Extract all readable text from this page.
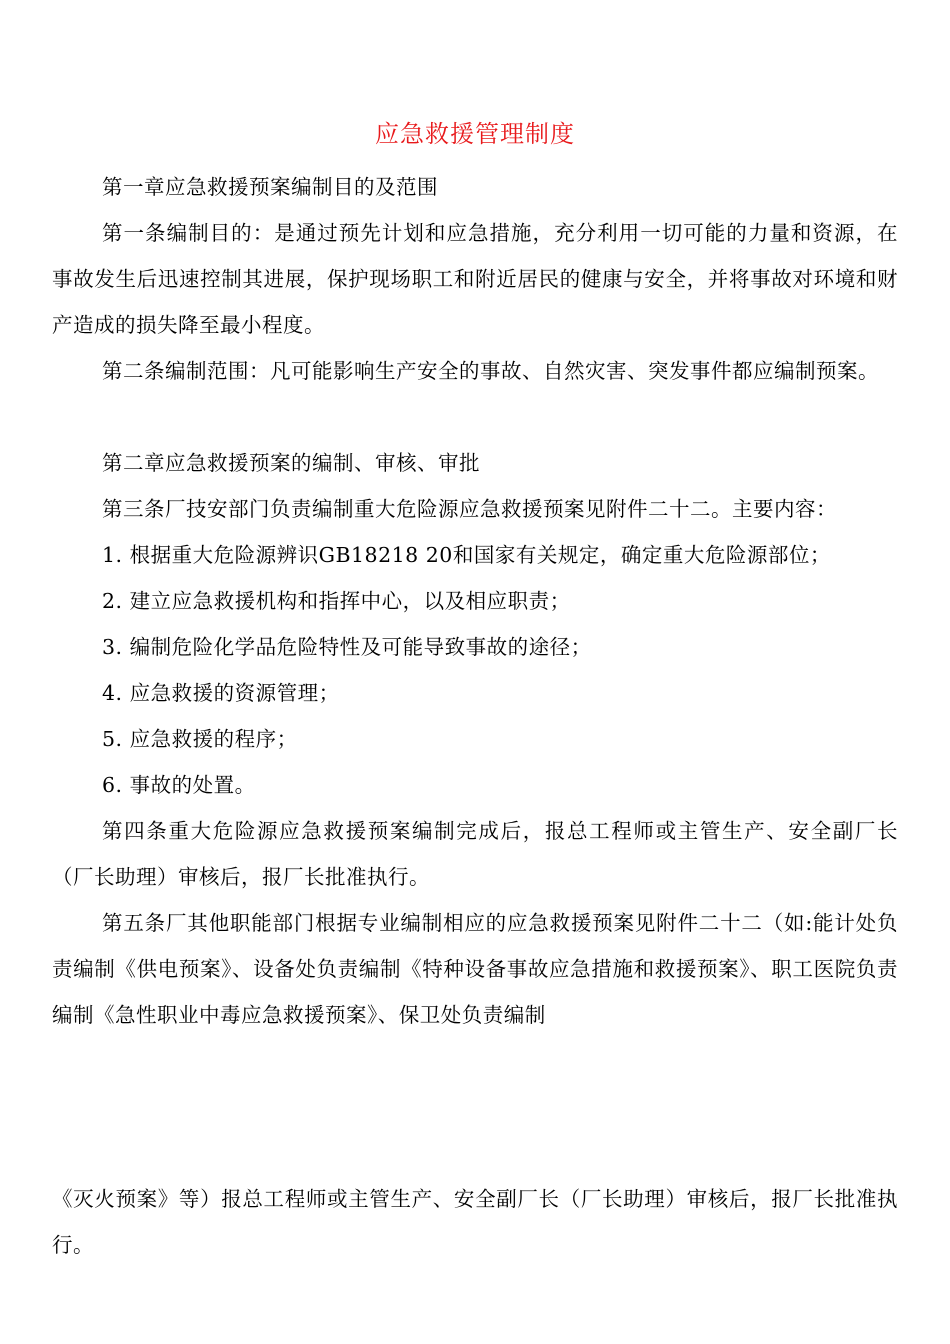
应急救援管理制度
第一章应急救援预案编制目的及范围
第一条编制目的：是通过预先计划和应急措施，充分利用一切可能的力量和资源，在事故发生后迅速控制其进展，保护现场职工和附近居民的健康与安全，并将事故对环境和财产造成的损失降至最小程度。
第二条编制范围：凡可能影响生产安全的事故、自然灾害、突发事件都应编制预案。
第二章应急救援预案的编制、审核、审批
第三条厂技安部门负责编制重大危险源应急救援预案见附件二十二。主要内容：
1. 根据重大危险源辨识GB18218 20和国家有关规定，确定重大危险源部位；
2. 建立应急救援机构和指挥中心，以及相应职责；
3. 编制危险化学品危险特性及可能导致事故的途径；
4. 应急救援的资源管理；
5. 应急救援的程序；
6. 事故的处置。
第四条重大危险源应急救援预案编制完成后，报总工程师或主管生产、安全副厂长（厂长助理）审核后，报厂长批准执行。
第五条厂其他职能部门根据专业编制相应的应急救援预案见附件二十二（如:能计处负责编制《供电预案》、设备处负责编制《特种设备事故应急措施和救援预案》、职工医院负责编制《急性职业中毒应急救援预案》、保卫处负责编制
《灭火预案》等）报总工程师或主管生产、安全副厂长（厂长助理）审核后，报厂长批准执行。
